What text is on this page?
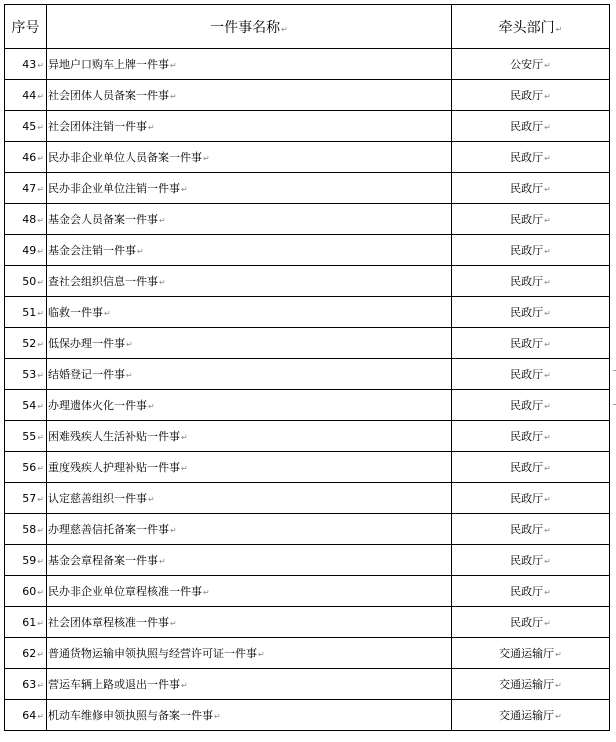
序号	一件事名称↵	牵头部门↵
43↵	异地户口购车上牌一件事↵	公安厅↵
44↵	社会团体人员备案一件事↵	民政厅↵
45↵	社会团体注销一件事↵	民政厅↵
46↵	民办非企业单位人员备案一件事↵	民政厅↵
47↵	民办非企业单位注销一件事↵	民政厅↵
48↵	基金会人员备案一件事↵	民政厅↵
49↵	基金会注销一件事↵	民政厅↵
50↵	查社会组织信息一件事↵	民政厅↵
51↵	临救一件事↵	民政厅↵
52↵	低保办理一件事↵	民政厅↵
53↵	结婚登记一件事↵	民政厅↵
54↵	办理遗体火化一件事↵	民政厅↵
55↵	困难残疾人生活补贴一件事↵	民政厅↵
56↵	重度残疾人护理补贴一件事↵	民政厅↵
57↵	认定慈善组织一件事↵	民政厅↵
58↵	办理慈善信托备案一件事↵	民政厅↵
59↵	基金会章程备案一件事↵	民政厅↵
60↵	民办非企业单位章程核准一件事↵	民政厅↵
61↵	社会团体章程核准一件事↵	民政厅↵
62↵	普通货物运输申领执照与经营许可证一件事↵	交通运输厅↵
63↵	营运车辆上路或退出一件事↵	交通运输厅↵
64↵	机动车维修申领执照与备案一件事↵	交通运输厅↵
